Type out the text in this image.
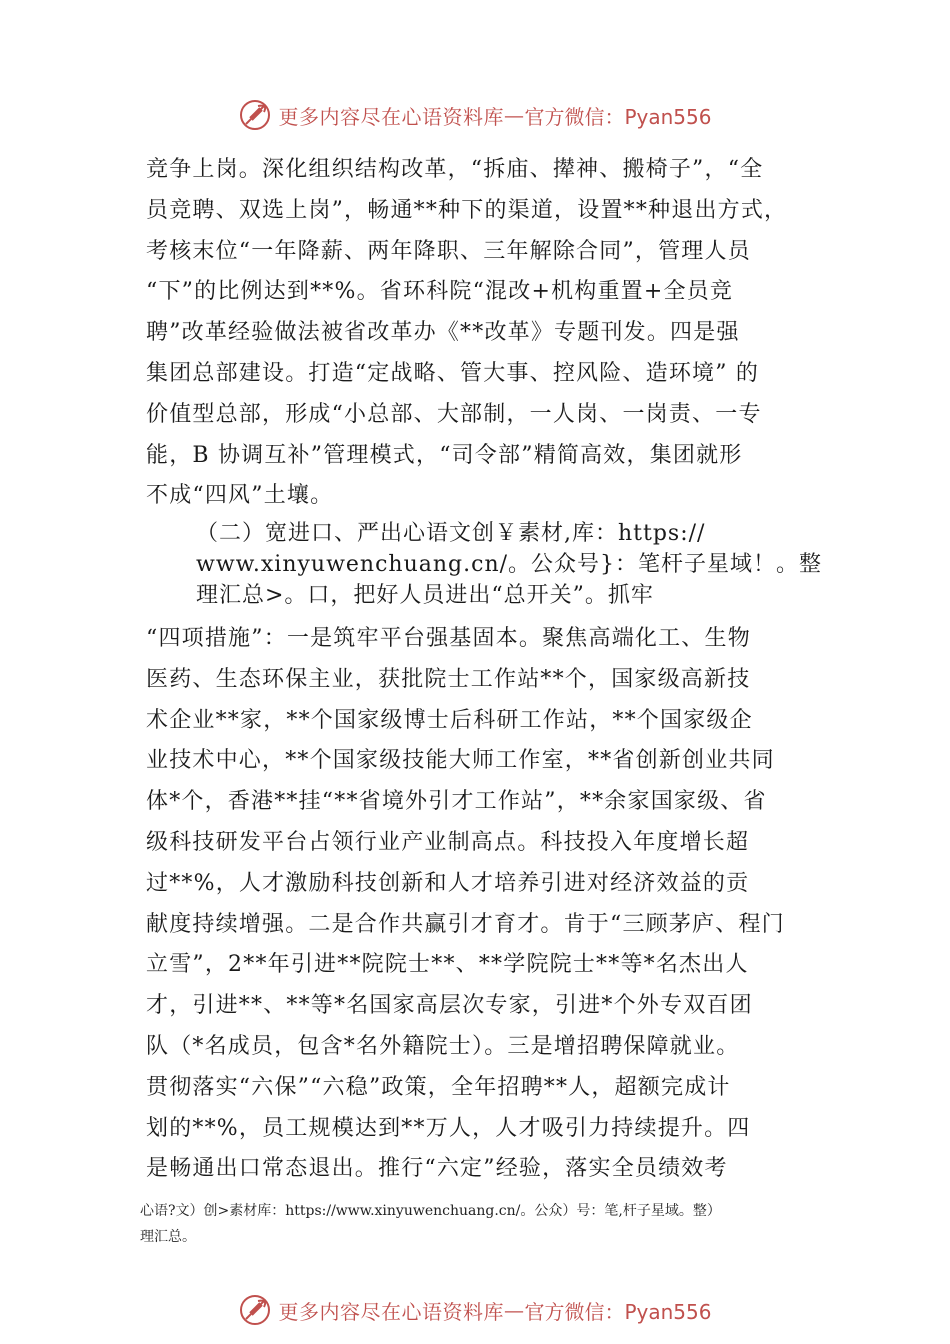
更多内容尽在心语资料库 — 官方微信：Pyan556

竞争上岗。深化组织结构改革，“拆庙、撵神、搬椅子”，“全

员竞聘、双选上岗”，畅通**种下的渠道，设置**种退出方式，

考核末位“一年降薪、两年降职、三年解除合同”，管理人员

“下”的比例达到**%。省环科院“混改+机构重置+全员竞

聘”改革经验做法被省改革办《**改革》专题刊发。四是强

集团总部建设。打造“定战略、管大事、控风险、造环境” 的

价值型总部，形成“小总部、大部制，一人岗、一岗责、一专

能，B 协调互补”管理模式，“司令部”精简高效，集团就形

不成“四风”土壤。

（二）宽进口、严出心语文创￥素材,库：https://

www.xinyuwenchuang.cn/。公众号}：笔杆子星域！。整

理汇总>。口，把好人员进出“总开关”。抓牢

“四项措施”：一是筑牢平台强基固本。聚焦高端化工、生物

医药、生态环保主业，获批院士工作站**个，国家级高新技

术企业**家，**个国家级博士后科研工作站，**个国家级企

业技术中心，**个国家级技能大师工作室，**省创新创业共同

体*个，香港**挂“**省境外引才工作站”，**余家国家级、省

级科技研发平台占领行业产业制高点。科技投入年度增长超

过**%，人才激励科技创新和人才培养引进对经济效益的贡

献度持续增强。二是合作共赢引才育才。肯于“三顾茅庐、程门

立雪”，2**年引进**院院士**、**学院院士**等*名杰出人

才，引进**、**等*名国家高层次专家，引进*个外专双百团

队（*名成员，包含*名外籍院士）。三是增招聘保障就业。

贯彻落实“六保”“六稳”政策，全年招聘**人，超额完成计

划的**%，员工规模达到**万人，人才吸引力持续提升。四

是畅通出口常态退出。推行“六定”经验，落实全员绩效考

心语?文）创>素材库：https://www.xinyuwenchuang.cn/。公众）号：笔,杆子星域。整）

理汇总。

更多内容尽在心语资料库 — 官方微信：Pyan556
